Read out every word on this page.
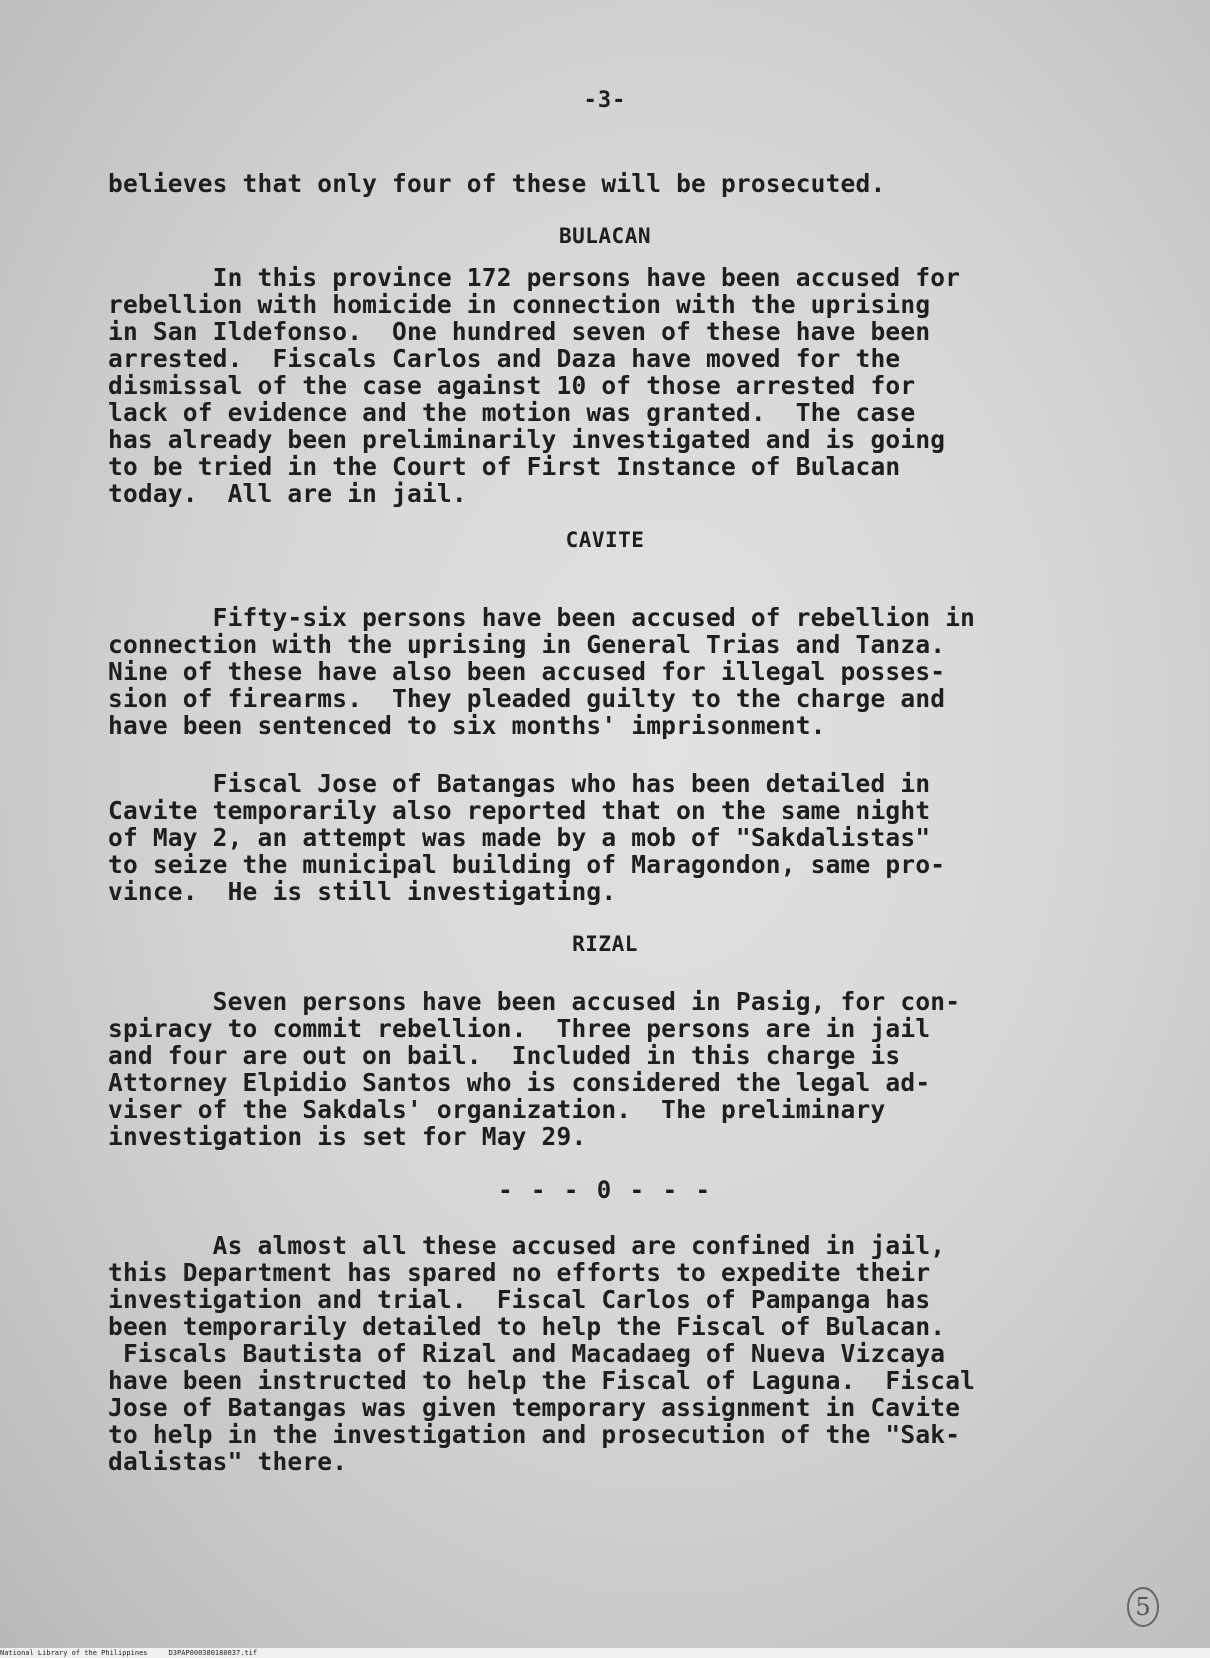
-3-
believes that only four of these will be prosecuted.
BULACAN
In this province 172 persons have been accused for
rebellion with homicide in connection with the uprising
in San Ildefonso.  One hundred seven of these have been
arrested.  Fiscals Carlos and Daza have moved for the
dismissal of the case against 10 of those arrested for
lack of evidence and the motion was granted.  The case
has already been preliminarily investigated and is going
to be tried in the Court of First Instance of Bulacan
today.  All are in jail.
CAVITE
Fifty-six persons have been accused of rebellion in
connection with the uprising in General Trias and Tanza.
Nine of these have also been accused for illegal posses-
sion of firearms.  They pleaded guilty to the charge and
have been sentenced to six months' imprisonment.
Fiscal Jose of Batangas who has been detailed in
Cavite temporarily also reported that on the same night
of May 2, an attempt was made by a mob of "Sakdalistas"
to seize the municipal building of Maragondon, same pro-
vince.  He is still investigating.
RIZAL
Seven persons have been accused in Pasig, for con-
spiracy to commit rebellion.  Three persons are in jail
and four are out on bail.  Included in this charge is
Attorney Elpidio Santos who is considered the legal ad-
viser of the Sakdals' organization.  The preliminary
investigation is set for May 29.
- - - 0 - - -
As almost all these accused are confined in jail,
this Department has spared no efforts to expedite their
investigation and trial.  Fiscal Carlos of Pampanga has
been temporarily detailed to help the Fiscal of Bulacan.
Fiscals Bautista of Rizal and Macadaeg of Nueva Vizcaya
have been instructed to help the Fiscal of Laguna.  Fiscal
Jose of Batangas was given temporary assignment in Cavite
to help in the investigation and prosecution of the "Sak-
dalistas" there.
5
National Library of the Philippines     D3PAP000380180037.tif
